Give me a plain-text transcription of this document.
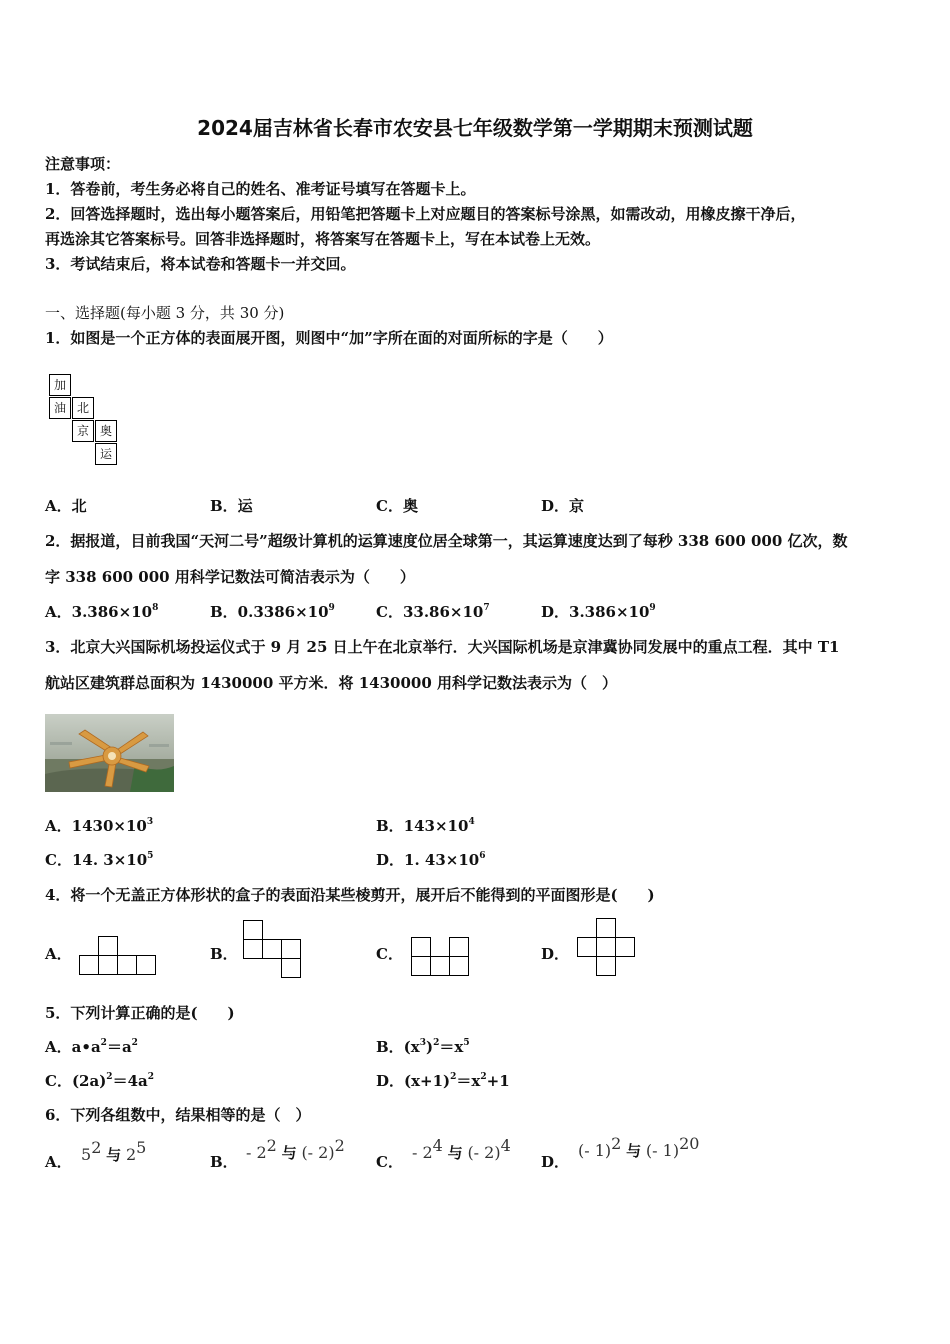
2024届吉林省长春市农安县七年级数学第一学期期末预测试题
注意事项：
1．答卷前，考生务必将自己的姓名、准考证号填写在答题卡上。
2．回答选择题时，选出每小题答案后，用铅笔把答题卡上对应题目的答案标号涂黑，如需改动，用橡皮擦干净后，
再选涂其它答案标号。回答非选择题时，将答案写在答题卡上，写在本试卷上无效。
3．考试结束后，将本试卷和答题卡一并交回。
一、选择题(每小题 3 分，共 30 分)
1．如图是一个正方体的表面展开图，则图中“加”字所在面的对面所标的字是（　　）
加
油 北
京 奥
运
A．北	B．运	C．奥	D．京
2．据报道，目前我国“天河二号”超级计算机的运算速度位居全球第一，其运算速度达到了每秒 338 600 000 亿次，数
字 338 600 000 用科学记数法可简洁表示为（　　）
A．$3.386\times 10^8$	B．$0.3386\times 10^9$	C．$33.86\times 10^7$	D．$3.386\times 10^9$
3．北京大兴国际机场投运仪式于 9 月 25 日上午在北京举行．大兴国际机场是京津冀协同发展中的重点工程．其中 T1
航站区建筑群总面积为 1430000 平方米．将 1430000 用科学记数法表示为（　）
A．$1430\times 10^3$	B．$143\times 10^4$
C．14. $3\times 10^5$	D．1. $43\times 10^6$
4．将一个无盖正方体形状的盒子的表面沿某些棱剪开，展开后不能得到的平面图形是(　　)
A．	B．	C．	D．
5．下列计算正确的是(　　)
A．$a•a^2=a^2$	B．$(x^3)^2=x^5$
C．$(2a)^2=4a^2$	D．$(x+1)^2=x^2+1$
6．下列各组数中，结果相等的是（　）
A． $5^2$ 与 $2^5$
B． - $2^2$ 与 (- 2)$^2$
C． - $2^4$ 与 (- 2)$^4$
D．
(- 1)$^2$ 与 (- 1)$^{20}$
